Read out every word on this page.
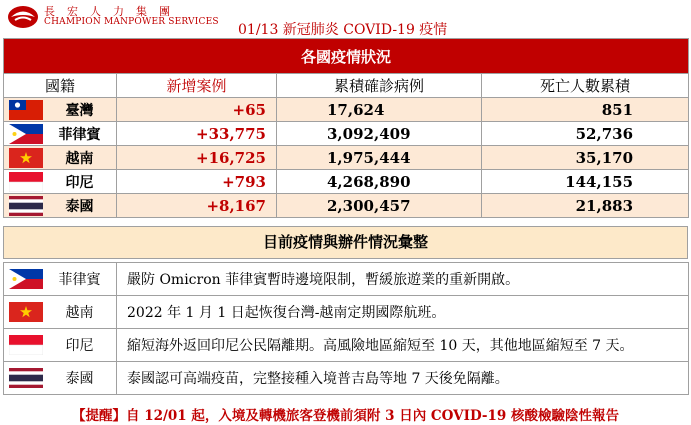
長宏人力集團
CHAMPION MANPOWER SERVICES 01/13 新冠肺炎 COVID-19 疫情
各國疫情狀況			
國籍	新增案例	累積確診病例	死亡人數累積

臺灣	+65	17,624	851

菲律賓	+33,775	3,092,409	52,736

越南	+16,725	1,975,444	35,170

印尼	+793	4,268,890	144,155

泰國	+8,167	2,300,457	21,883
目前疫情與辦件情況彙整
菲律賓	嚴防 Omicron 菲律賓暫時邊境限制，暫緩旅遊業的重新開啟。

越南	2022 年 1 月 1 日起恢復台灣-越南定期國際航班。

印尼	縮短海外返回印尼公民隔離期。高風險地區縮短至 10 天，其他地區縮短至 7 天。

泰國	泰國認可高端疫苗，完整接種入境普吉島等地 7 天後免隔離。
【提醒】自 12/01 起，入境及轉機旅客登機前須附 3 日內 COVID-19 核酸檢驗陰性報告
